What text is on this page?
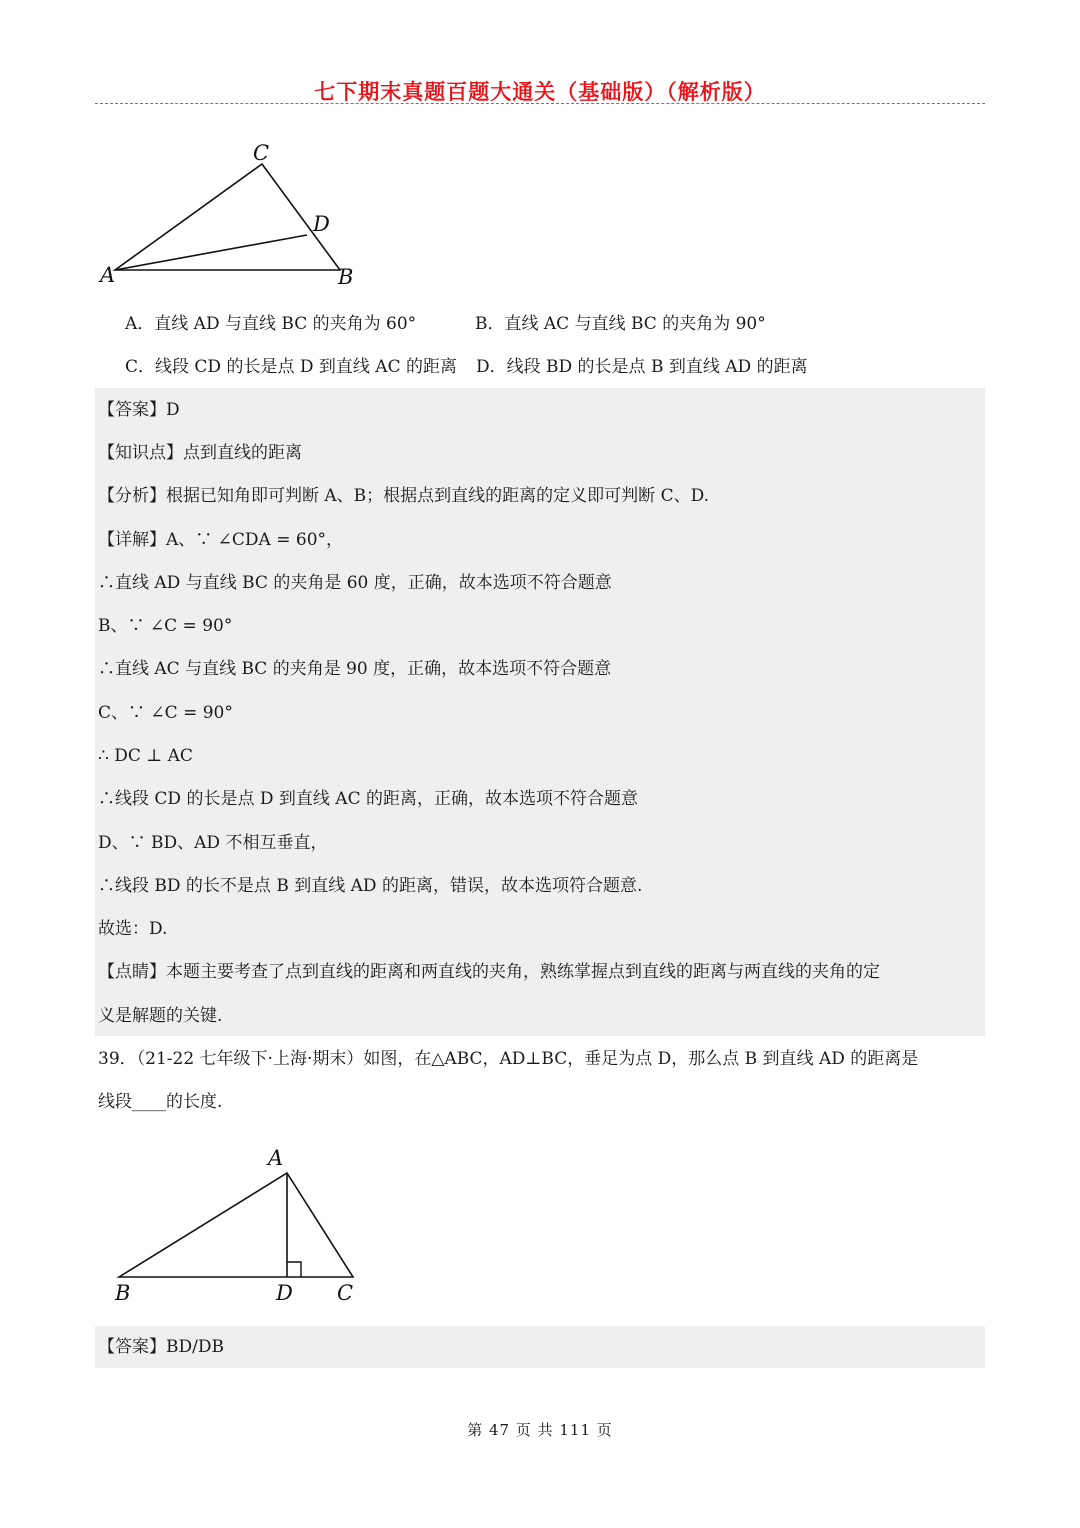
七下期末真题百题大通关（基础版）（解析版）
C
D
A	B
A．直线 AD 与直线 BC 的夹角为 60°	B．直线 AC 与直线 BC 的夹角为 90°
C．线段 CD 的长是点 D 到直线 AC 的距离 D．线段 BD 的长是点 B 到直线 AD 的距离
【答案】D
【知识点】点到直线的距离
【分析】根据已知角即可判断 A、B；根据点到直线的距离的定义即可判断 C、D.
【详解】A、∵ ∠CDA = 60°，
∴直线 AD 与直线 BC 的夹角是 60 度，正确，故本选项不符合题意
B、∵ ∠C = 90°
∴直线 AC 与直线 BC 的夹角是 90 度，正确，故本选项不符合题意
C、∵ ∠C = 90°
∴ DC ⊥ AC
∴线段 CD 的长是点 D 到直线 AC 的距离，正确，故本选项不符合题意
D、∵ BD、AD 不相互垂直，
∴线段 BD 的长不是点 B 到直线 AD 的距离，错误，故本选项符合题意.
故选：D.
【点睛】本题主要考查了点到直线的距离和两直线的夹角，熟练掌握点到直线的距离与两直线的夹角的定
义是解题的关键.
39．（21-22 七年级下·上海·期末）如图，在△ABC，AD⊥BC，垂足为点 D，那么点 B 到直线 AD 的距离是
线段____的长度.
A
B	D C
【答案】BD/DB
第 47 页 共 111 页
